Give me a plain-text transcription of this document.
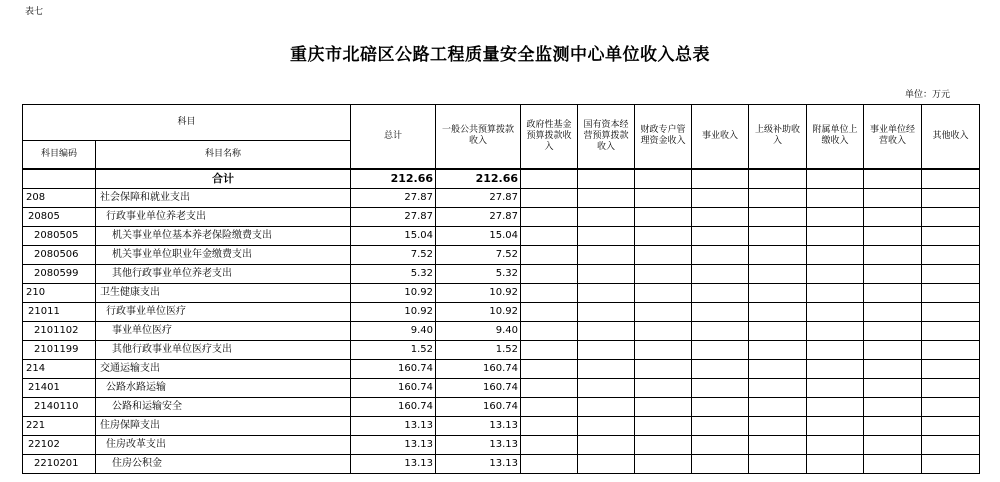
表七
重庆市北碚区公路工程质量安全监测中心单位收入总表
单位：万元
科目		总计	一般公共预算拨款收入	政府性基金预算拨款收入	国有资本经营预算拨款收入	财政专户管理资金收入	事业收入	上级补助收入	附属单位上缴收入	事业单位经营收入	其他收入
科目编码	科目名称										
	合计	212.66	212.66								
208	社会保障和就业支出	27.87	27.87								
20805	行政事业单位养老支出	27.87	27.87								
2080505	机关事业单位基本养老保险缴费支出	15.04	15.04								
2080506	机关事业单位职业年金缴费支出	7.52	7.52								
2080599	其他行政事业单位养老支出	5.32	5.32								
210	卫生健康支出	10.92	10.92								
21011	行政事业单位医疗	10.92	10.92								
2101102	事业单位医疗	9.40	9.40								
2101199	其他行政事业单位医疗支出	1.52	1.52								
214	交通运输支出	160.74	160.74								
21401	公路水路运输	160.74	160.74								
2140110	公路和运输安全	160.74	160.74								
221	住房保障支出	13.13	13.13								
22102	住房改革支出	13.13	13.13								
2210201	住房公积金	13.13	13.13								
